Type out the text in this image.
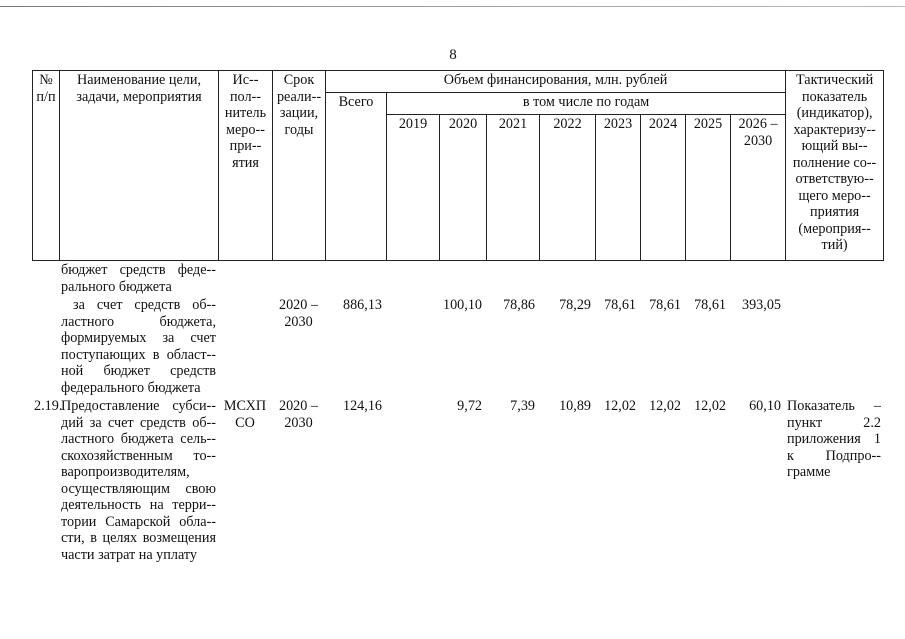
8
№ п/п	Наименование цели, задачи, мероприятия	Ис-пол-нитель меро-при-ятия	Срок реали-зации, годы	Объем финансирования, млн. рублей									Тактический показатель (индикатор), характеризу-ющий вы-полнение со-ответствую-щего меро-приятия (мероприя-тий)
				Всего	в том числе по годам								
					2019	2020	2021	2022	2023	2024	2025	2026 – 2030	
	бюджет средств феде-рального бюджета												
	за счет средств об-ластного бюджета, формируемых за счет поступающих в област-ной бюджет средств федерального бюджета		2020 – 2030	886,13		100,10	78,86	78,29	78,61	78,61	78,61	393,05	
2.19.	Предоставление субси-дий за счет средств об-ластного бюджета сель-скохозяйственным то-варопроизводителям, осуществляющим свою деятельность на терри-тории Самарской обла-сти, в целях возмещения части затрат на уплату	МСХП СО	2020 – 2030	124,16		9,72	7,39	10,89	12,02	12,02	12,02	60,10	Показатель – пункт 2.2 приложения 1 к Подпро-грамме
